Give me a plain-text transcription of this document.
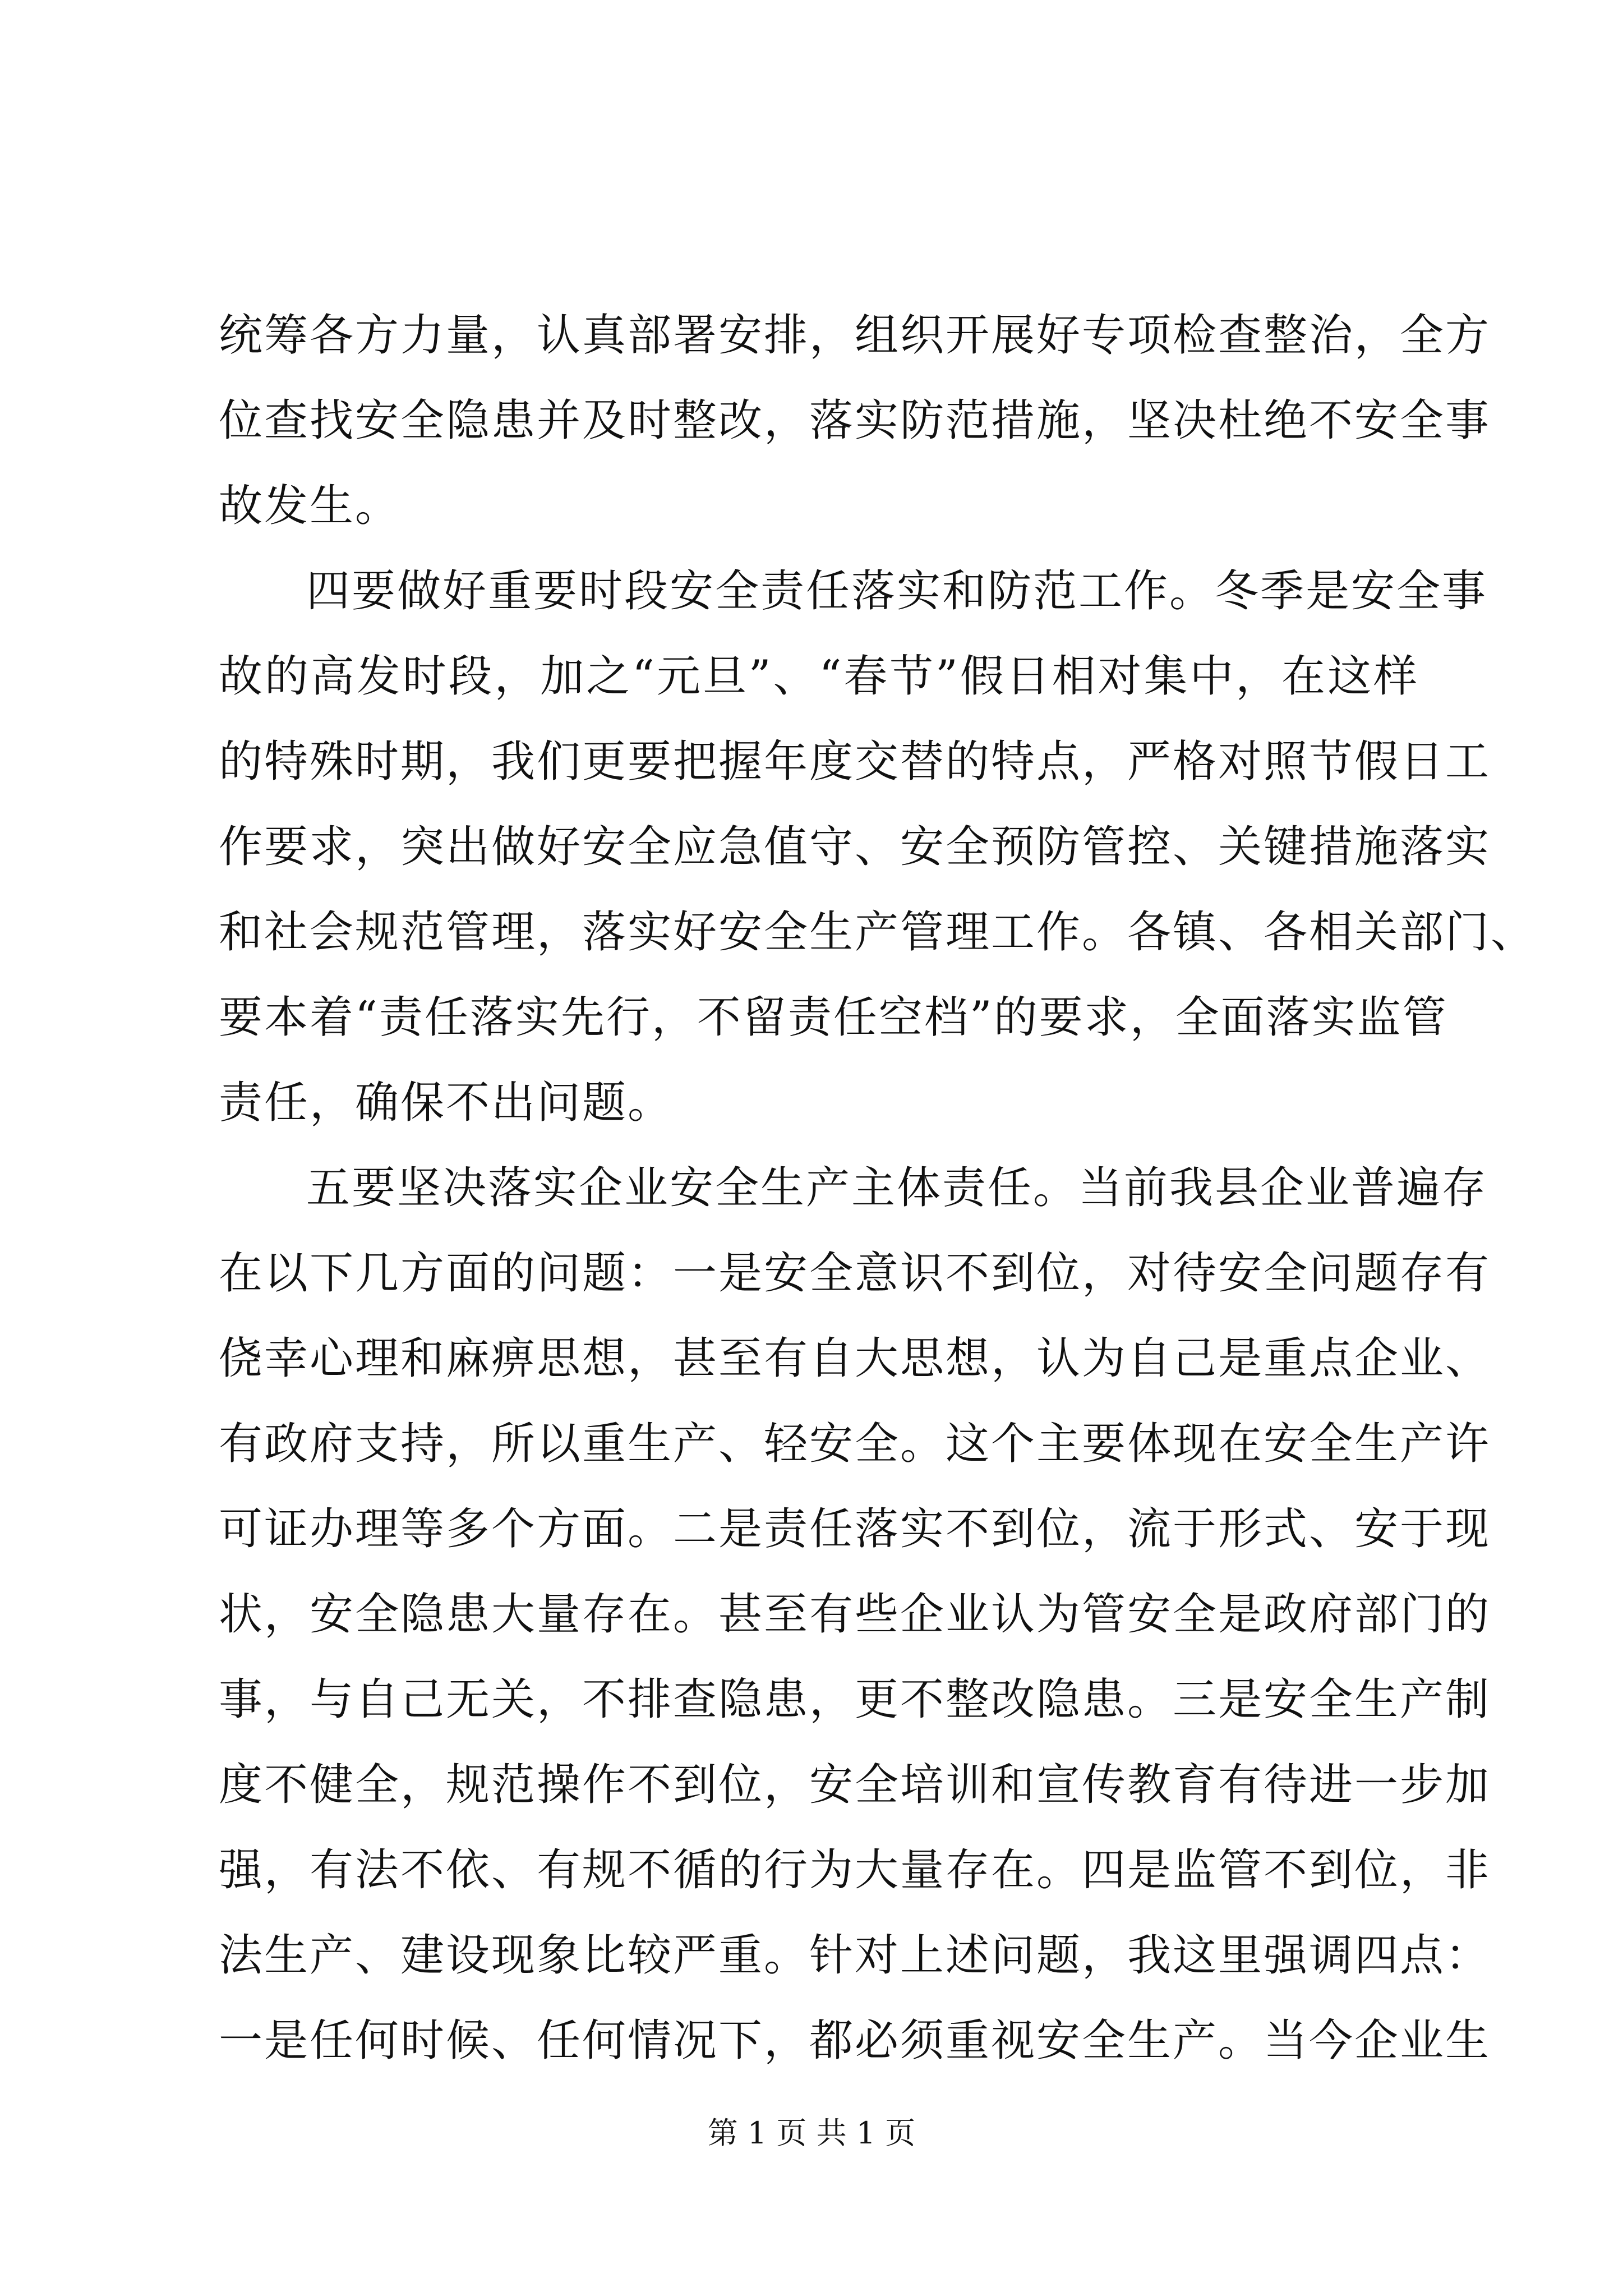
统筹各方力量，认真部署安排，组织开展好专项检查整治，全方
位查找安全隐患并及时整改，落实防范措施，坚决杜绝不安全事
故发生。
四要做好重要时段安全责任落实和防范工作。冬季是安全事
故的高发时段，加之“元旦”、“春节”假日相对集中，在这样
的特殊时期，我们更要把握年度交替的特点，严格对照节假日工
作要求，突出做好安全应急值守、安全预防管控、关键措施落实
和社会规范管理，落实好安全生产管理工作。各镇、各相关部门、
要本着“责任落实先行，不留责任空档”的要求，全面落实监管
责任，确保不出问题。
五要坚决落实企业安全生产主体责任。当前我县企业普遍存
在以下几方面的问题：一是安全意识不到位，对待安全问题存有
侥幸心理和麻痹思想，甚至有自大思想，认为自己是重点企业、
有政府支持，所以重生产、轻安全。这个主要体现在安全生产许
可证办理等多个方面。二是责任落实不到位，流于形式、安于现
状，安全隐患大量存在。甚至有些企业认为管安全是政府部门的
事，与自己无关，不排查隐患，更不整改隐患。三是安全生产制
度不健全，规范操作不到位，安全培训和宣传教育有待进一步加
强，有法不依、有规不循的行为大量存在。四是监管不到位，非
法生产、建设现象比较严重。针对上述问题，我这里强调四点：
一是任何时候、任何情况下，都必须重视安全生产。当今企业生
第 1 页 共 1 页
